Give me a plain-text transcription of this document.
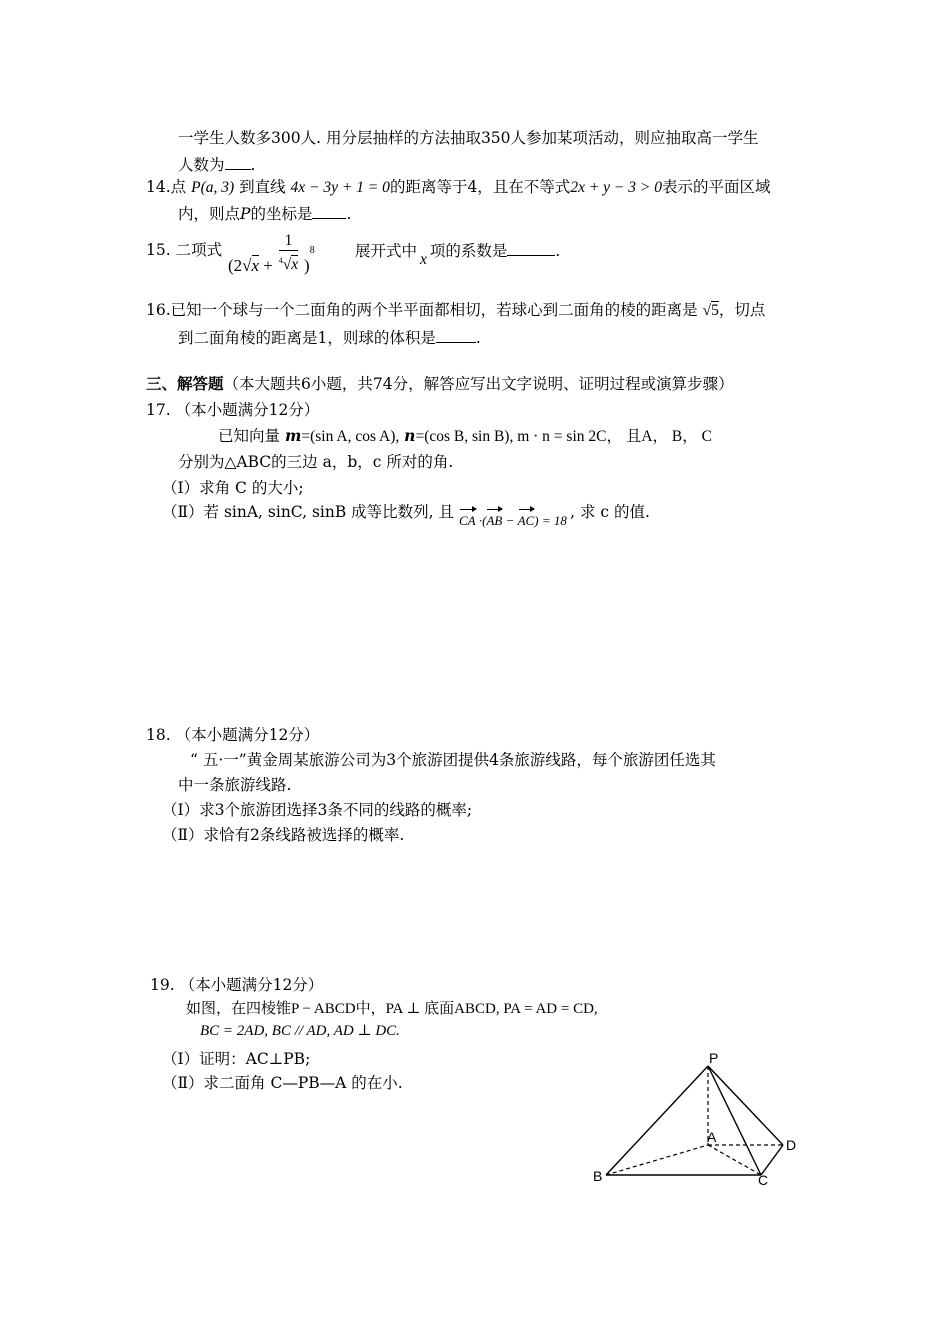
一学生人数多300人. 用分层抽样的方法抽取350人参加某项活动，则应抽取高一学生
人数为 .
14.点 P(a, 3) 到直线 4x − 3y + 1 = 0的距离等于4，且在不等式2x + y − 3 > 0表示的平面区域
内，则点P的坐标是 .
15. 二项式
$(2√x + \frac{1}{^4√x} )^8$	展开式中 x 项的系数是	.
16.已知一个球与一个二面角的两个半平面都相切，若球心到二面角的棱的距离是 √5，切点
到二面角棱的距离是1，则球的体积是	.
三、解答题（本大题共6小题，共74分，解答应写出文字说明、证明过程或演算步骤）
17. （本小题满分12分）
已知向量 m=(sin A, cos A), n=(cos B, sin B), m · n = sin 2C， 且A， B， C
分别为△ABC的三边 a，b，c 所对的角.
（Ⅰ）求角 C 的大小;
（Ⅱ）若 sinA, sinC, sinB 成等比数列, 且 $_{CA \cdot(AB - AC) = 18}$ , 求 c 的值.
18. （本小题满分12分）
“ 五·一”黄金周某旅游公司为3个旅游团提供4条旅游线路，每个旅游团任选其
中一条旅游线路.
（Ⅰ）求3个旅游团选择3条不同的线路的概率;
（Ⅱ）求恰有2条线路被选择的概率.
19. （本小题满分12分）
如图，在四棱锥P − ABCD中，PA ⊥ 底面ABCD, PA = AD = CD,
BC = 2AD, BC // AD, AD ⊥ DC.
（Ⅰ）证明：AC⊥PB;
（Ⅱ）求二面角 C—PB—A 的在小.
P
A
B	C
D
